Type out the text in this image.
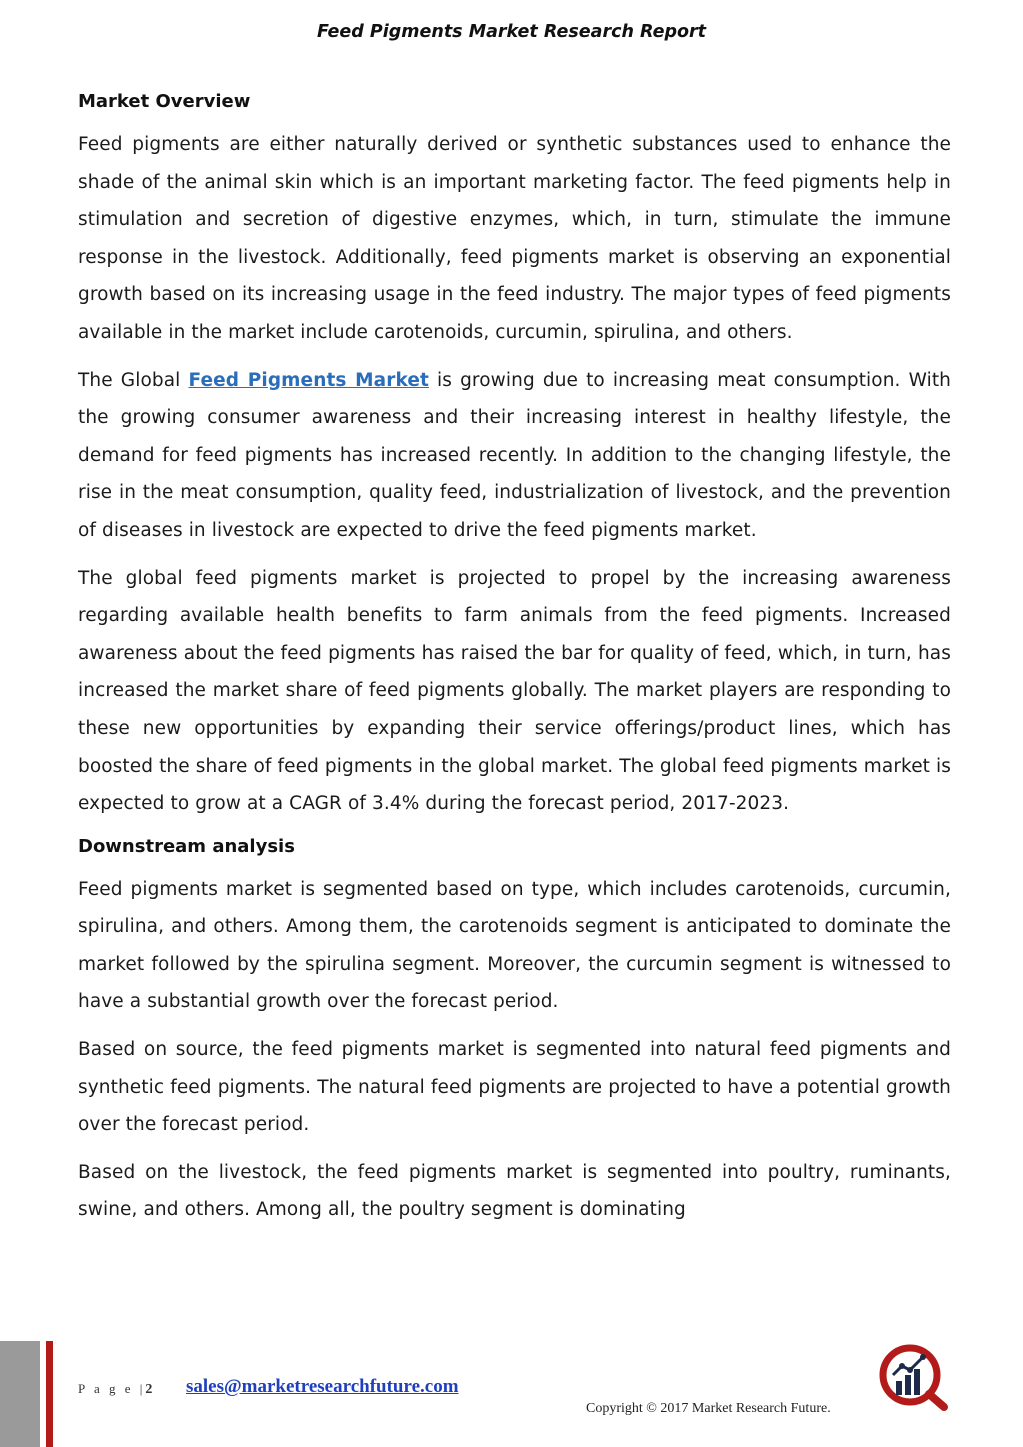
Feed Pigments Market Research Report
Market Overview

Feed pigments are either naturally derived or synthetic substances used to enhance the shade of the animal skin which is an important marketing factor. The feed pigments help in stimulation and secretion of digestive enzymes, which, in turn, stimulate the immune response in the livestock. Additionally, feed pigments market is observing an exponential growth based on its increasing usage in the feed industry. The major types of feed pigments available in the market include carotenoids, curcumin, spirulina, and others.

The Global Feed Pigments Market is growing due to increasing meat consumption. With the growing consumer awareness and their increasing interest in healthy lifestyle, the demand for feed pigments has increased recently. In addition to the changing lifestyle, the rise in the meat consumption, quality feed, industrialization of livestock, and the prevention of diseases in livestock are expected to drive the feed pigments market.

The global feed pigments market is projected to propel by the increasing awareness regarding available health benefits to farm animals from the feed pigments. Increased awareness about the feed pigments has raised the bar for quality of feed, which, in turn, has increased the market share of feed pigments globally. The market players are responding to these new opportunities by expanding their service offerings/product lines, which has boosted the share of feed pigments in the global market. The global feed pigments market is expected to grow at a CAGR of 3.4% during the forecast period, 2017-2023.

Downstream analysis

Feed pigments market is segmented based on type, which includes carotenoids, curcumin, spirulina, and others. Among them, the carotenoids segment is anticipated to dominate the market followed by the spirulina segment. Moreover, the curcumin segment is witnessed to have a substantial growth over the forecast period.

Based on source, the feed pigments market is segmented into natural feed pigments and synthetic feed pigments. The natural feed pigments are projected to have a potential growth over the forecast period.

Based on the livestock, the feed pigments market is segmented into poultry, ruminants, swine, and others. Among all, the poultry segment is dominating

P a g e |2 sales@marketresearchfuture.com
Copyright © 2017 Market Research Future.
